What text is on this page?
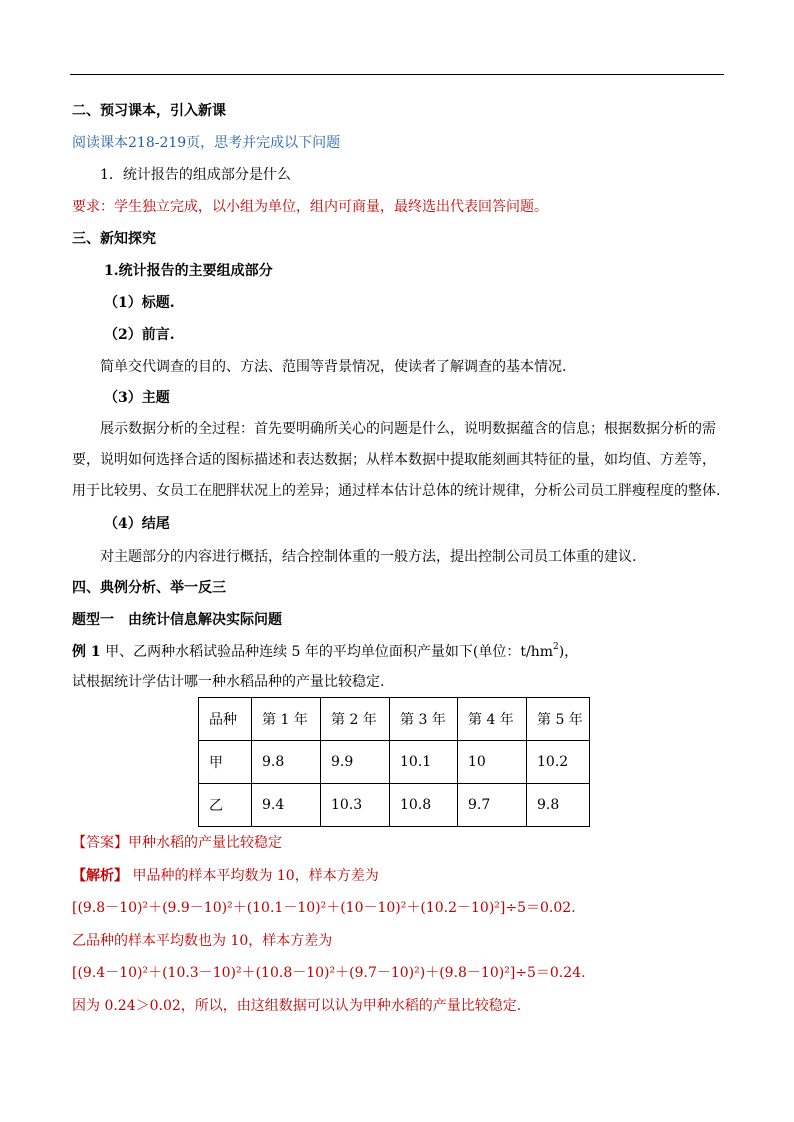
二、预习课本，引入新课
阅读课本218-219页，思考并完成以下问题
1．统计报告的组成部分是什么
要求：学生独立完成，以小组为单位，组内可商量，最终选出代表回答问题。
三、新知探究
1.统计报告的主要组成部分
（1）标题.
（2）前言.
简单交代调查的目的、方法、范围等背景情况，使读者了解调查的基本情况.
（3）主题
展示数据分析的全过程：首先要明确所关心的问题是什么，说明数据蕴含的信息；根据数据分析的需要，说明如何选择合适的图标描述和表达数据；从样本数据中提取能刻画其特征的量，如均值、方差等，用于比较男、女员工在肥胖状况上的差异；通过样本估计总体的统计规律，分析公司员工胖瘦程度的整体.
（4）结尾
对主题部分的内容进行概括，结合控制体重的一般方法，提出控制公司员工体重的建议.
四、典例分析、举一反三
题型一　由统计信息解决实际问题
例 1 甲、乙两种水稻试验品种连续 5 年的平均单位面积产量如下(单位：$t/hm^2$)，
试根据统计学估计哪一种水稻品种的产量比较稳定.
品种	第 1 年	第 2 年	第 3 年	第 4 年	第 5 年
甲	9.8	9.9	10.1	10	10.2
乙	9.4	10.3	10.8	9.7	9.8
【答案】甲种水稻的产量比较稳定
【解析】 甲品种的样本平均数为 10，样本方差为
[(9.8－10)²＋(9.9－10)²＋(10.1－10)²＋(10－10)²＋(10.2－10)²]÷5＝0.02.
乙品种的样本平均数也为 10，样本方差为
[(9.4－10)²＋(10.3－10)²＋(10.8－10)²＋(9.7－10)²)＋(9.8－10)²]÷5＝0.24.
因为 0.24＞0.02，所以，由这组数据可以认为甲种水稻的产量比较稳定.
